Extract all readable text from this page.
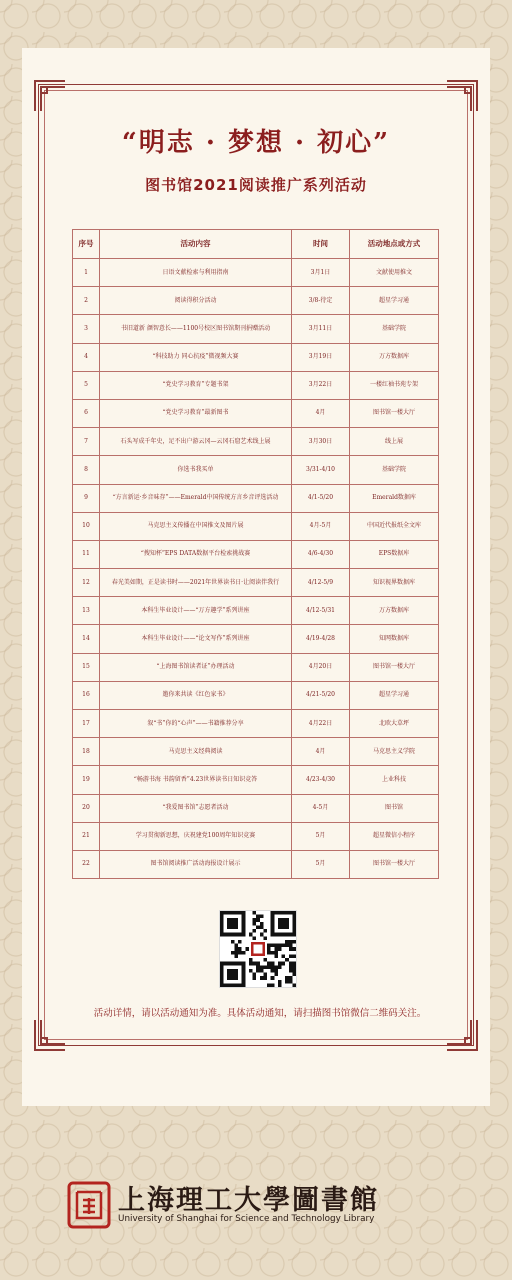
“明志 · 梦想 · 初心”
图书馆2021阅读推广系列活动
序号	活动内容	时间	活动地点或方式
1	日语文献检索与利用指南	3月1日	文献使用推文
2	阅读得积分活动	3/8-待定	超星学习通
3	书旧道新 颜智意长——1100号校区图书馆期刊捐赠活动	3月11日	基础学院
4	“科技助力 同心抗疫”微视频大赛	3月19日	万方数据库
5	“党史学习教育”专题书架	3月22日	一楼红袖书苑专架
6	“党史学习教育”最新图书	4月	图书馆一楼大厅
7	石头写成千年史，足不出户游云冈—云冈石窟艺术线上展	3月30日	线上展
8	你选书我买单	3/31-4/10	基础学院
9	“方言新运·乡音味存”——Emerald中国传统方言乡音评选活动	4/1-5/20	Emerald数据库
10	马克思主义传播在中国推文及图片展	4月-5月	中国近代报纸全文库
11	“搜知杯”EPS DATA数据平台检索挑战赛	4/6-4/30	EPS数据库
12	春光美如期，正是读书时——2021年世界读书日·让阅读伴我行	4/12-5/9	知识视界数据库
13	本科生毕业设计——“万方趣学”系列讲座	4/12-5/31	万方数据库
14	本科生毕业设计——“论文写作”系列讲座	4/19-4/28	知网数据库
15	“上海图书馆读者证”办理活动	4月20日	图书馆一楼大厅
16	邀你来共读《红色家书》	4/21-5/20	超星学习通
17	叙“书”你的“心声”——书籍推荐分享	4月22日	北欧大草坪
18	马克思主义经典阅读	4月	马克思主义学院
19	“畅游书海 书韵留香”4.23世界读书日知识竞答	4/23-4/30	上业科技
20	“我爱图书馆”志愿者活动	4-5月	图书馆
21	学习贯彻新思想，庆祝建党100周年知识竞赛	5月	超星微信小程序
22	图书馆阅读推广活动海报设计展示	5月	图书馆一楼大厅
活动详情，请以活动通知为准。具体活动通知，请扫描图书馆微信二维码关注。
上海理工大學圖書館
University of Shanghai for Science and Technology Library
